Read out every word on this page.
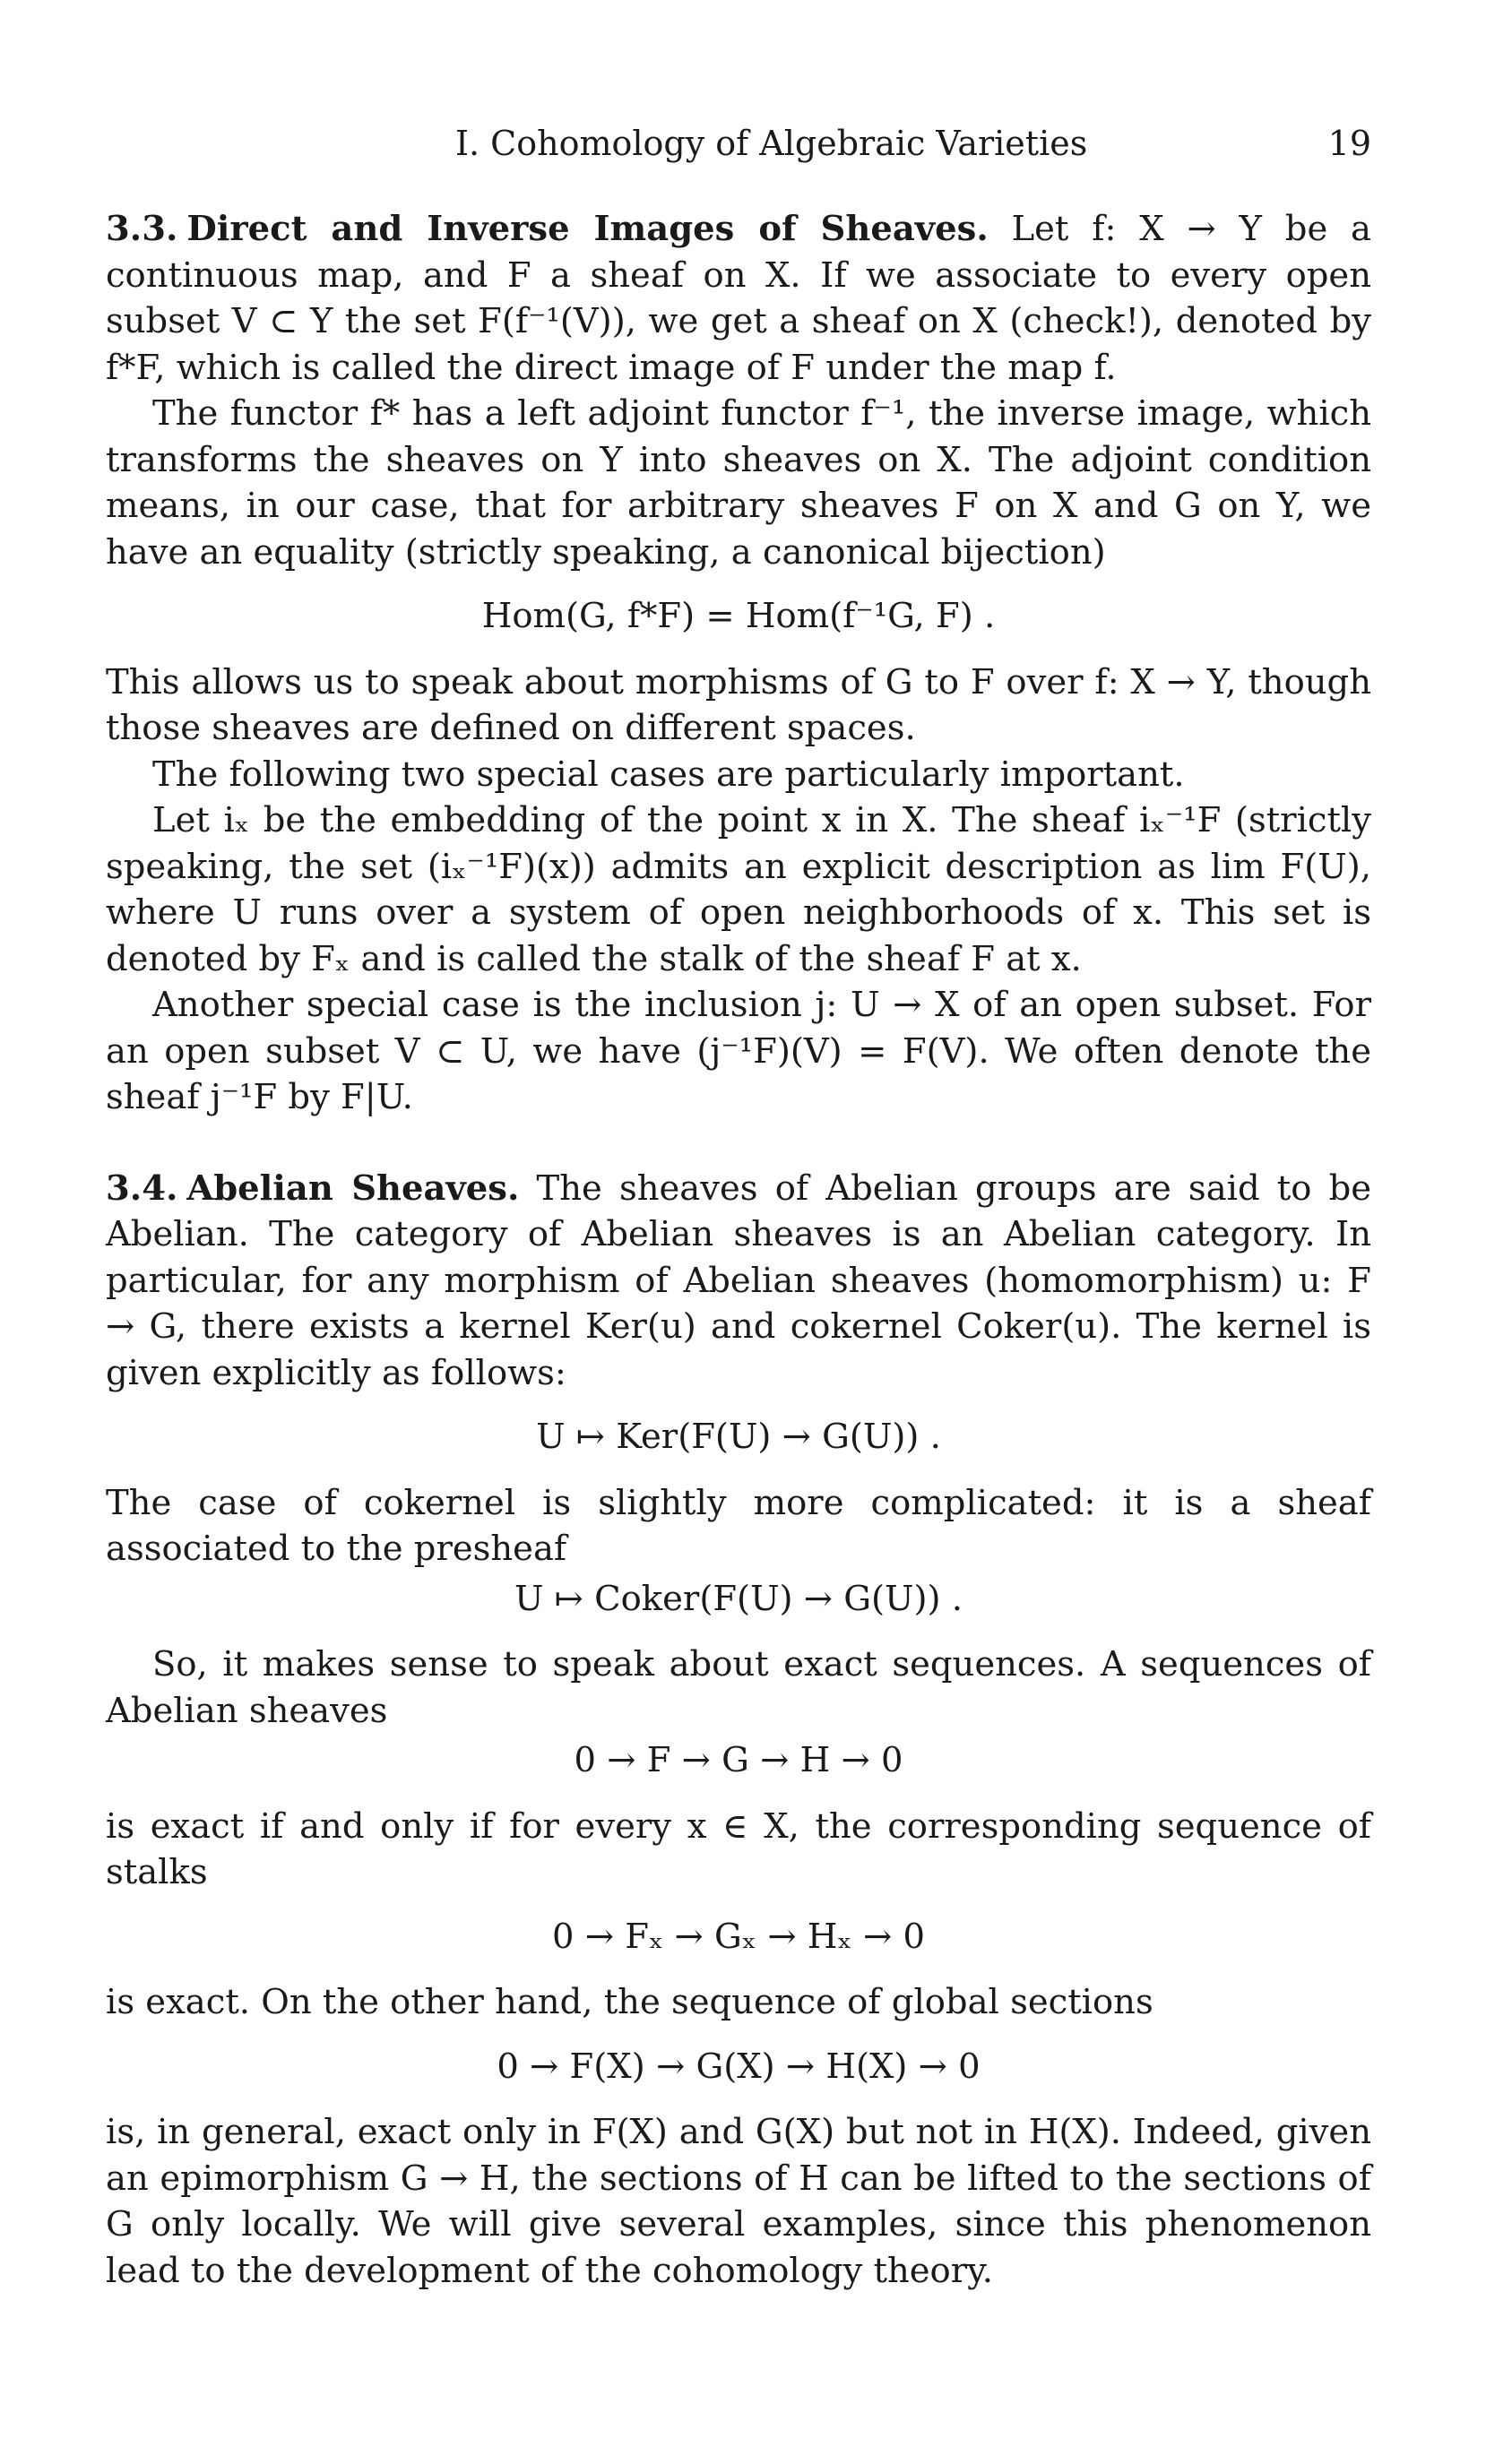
I. Cohomology of Algebraic Varieties	19

3.3. Direct and Inverse Images of Sheaves. Let f: X → Y be a continuous map, and F a sheaf on X. If we associate to every open subset V ⊂ Y the set F(f⁻¹(V)), we get a sheaf on X (check!), denoted by f*F, which is called the direct image of F under the map f.

The functor f* has a left adjoint functor f⁻¹, the inverse image, which transforms the sheaves on Y into sheaves on X. The adjoint condition means, in our case, that for arbitrary sheaves F on X and G on Y, we have an equality (strictly speaking, a canonical bijection)

Hom(G, f*F) = Hom(f⁻¹G, F) .

This allows us to speak about morphisms of G to F over f: X → Y, though those sheaves are defined on different spaces.

The following two special cases are particularly important.

Let iₓ be the embedding of the point x in X. The sheaf iₓ⁻¹F (strictly speaking, the set (iₓ⁻¹F)(x)) admits an explicit description as lim F(U), where U runs over a system of open neighborhoods of x. This set is denoted by Fₓ and is called the stalk of the sheaf F at x.

Another special case is the inclusion j: U → X of an open subset. For an open subset V ⊂ U, we have (j⁻¹F)(V) = F(V). We often denote the sheaf j⁻¹F by F|U.

3.4. Abelian Sheaves. The sheaves of Abelian groups are said to be Abelian. The category of Abelian sheaves is an Abelian category. In particular, for any morphism of Abelian sheaves (homomorphism) u: F → G, there exists a kernel Ker(u) and cokernel Coker(u). The kernel is given explicitly as follows:

U ↦ Ker(F(U) → G(U)) .

The case of cokernel is slightly more complicated: it is a sheaf associated to the presheaf

U ↦ Coker(F(U) → G(U)) .

So, it makes sense to speak about exact sequences. A sequences of Abelian sheaves

0 → F → G → H → 0

is exact if and only if for every x ∈ X, the corresponding sequence of stalks

0 → Fₓ → Gₓ → Hₓ → 0

is exact. On the other hand, the sequence of global sections

0 → F(X) → G(X) → H(X) → 0

is, in general, exact only in F(X) and G(X) but not in H(X). Indeed, given an epimorphism G → H, the sections of H can be lifted to the sections of G only locally. We will give several examples, since this phenomenon lead to the development of the cohomology theory.
